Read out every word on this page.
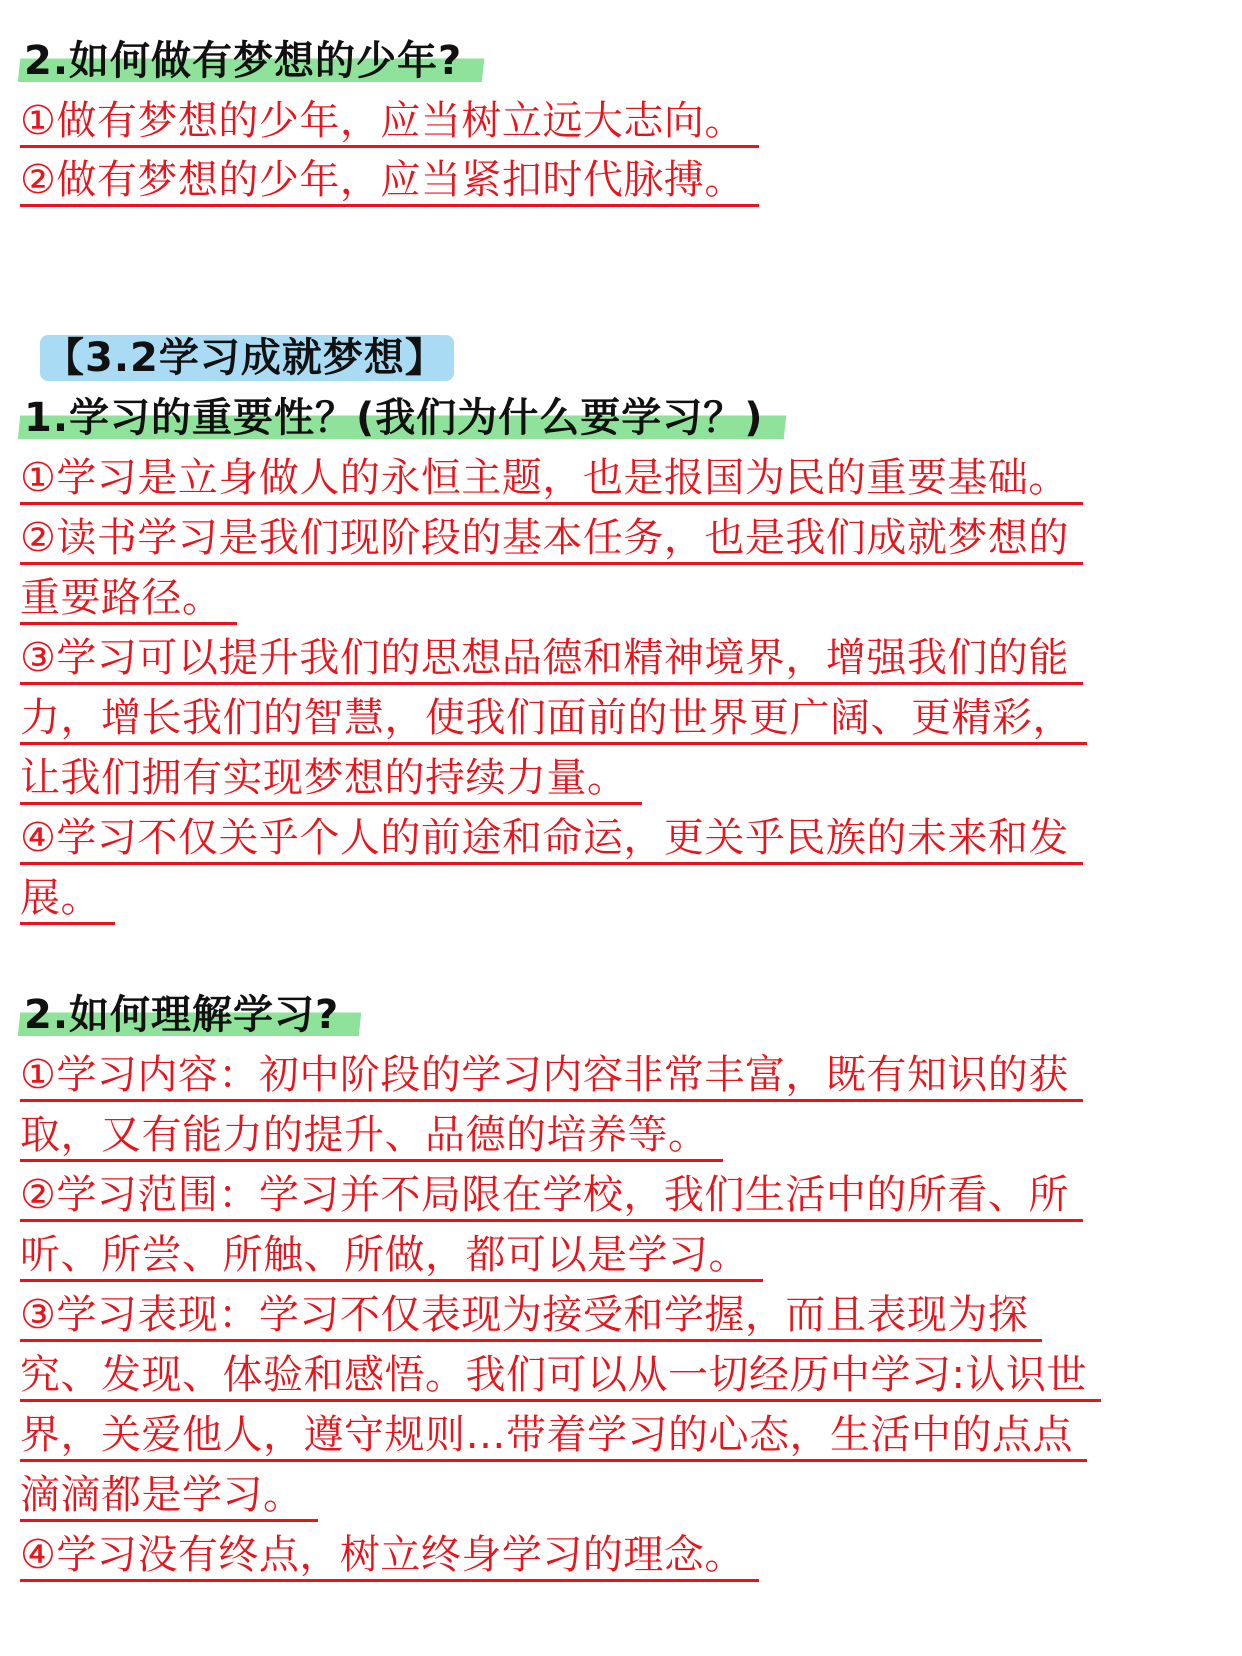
2.如何做有梦想的少年?
①做有梦想的少年，应当树立远大志向。
②做有梦想的少年，应当紧扣时代脉搏。
【3.2学习成就梦想】
1.学习的重要性？(我们为什么要学习？)
①学习是立身做人的永恒主题，也是报国为民的重要基础。
②读书学习是我们现阶段的基本任务，也是我们成就梦想的
重要路径。
③学习可以提升我们的思想品德和精神境界，增强我们的能
力，增长我们的智慧，使我们面前的世界更广阔、更精彩，
让我们拥有实现梦想的持续力量。
④学习不仅关乎个人的前途和命运，更关乎民族的未来和发
展。
2.如何理解学习?
①学习内容：初中阶段的学习内容非常丰富，既有知识的获
取，又有能力的提升、品德的培养等。
②学习范围：学习并不局限在学校，我们生活中的所看、所
听、所尝、所触、所做，都可以是学习。
③学习表现：学习不仅表现为接受和学握，而且表现为探
究、发现、体验和感悟。我们可以从一切经历中学习:认识世
界，关爱他人，遵守规则…带着学习的心态，生活中的点点
滴滴都是学习。
④学习没有终点，树立终身学习的理念。
